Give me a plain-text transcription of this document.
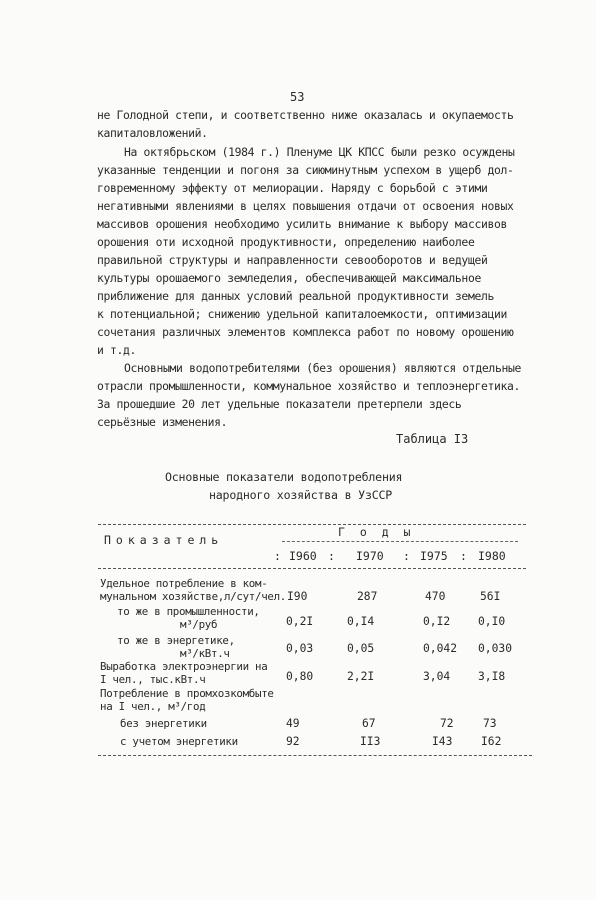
53
не Голодной степи, и соответственно ниже оказалась и окупаемость
капиталовложений.
На октябрьском (1984 г.) Пленуме ЦК КПСС были резко осуждены
указанные тенденции и погоня за сиюминутным успехом в ущерб дол-
говременному эффекту от мелиорации. Наряду с борьбой с этими
негативными явлениями в целях повышения отдачи от освоения новых
массивов орошения необходимо усилить внимание к выбору массивов
орошения оти исходной продуктивности, определению наиболее
правильной структуры и направленности севооборотов и ведущей
культуры орошаемого земледелия, обеспечивающей максимальное
приближение для данных условий реальной продуктивности земель
к потенциальной; снижению удельной капиталоемкости, оптимизации
сочетания различных элементов комплекса работ по новому орошению
и т.д.
Основными водопотребителями (без орошения) являются отдельные
отрасли промышленности, коммунальное хозяйство и теплоэнергетика.
За прошедшие 20 лет удельные показатели претерпели здесь
серьёзные изменения.
Таблица I3
Основные показатели водопотребления
народного хозяйства в УзССР
Показатель
Г о д ы
: I960 : I970 : I975 : I980
Удельное потребление в ком-
мунальном хозяйстве,л/сут/чел. I90	287	470	56I
то же в промышленности,
м³/руб	0,2I	0,I4	0,I2 0,I0
то же в энергетике,
м³/кВт.ч	0,03	0,05	0,042 0,030
Выработка электроэнергии на
I чел., тыс.кВт.ч	0,80	2,2I	3,04 3,I8
Потребление в промхозкомбыте
на I чел., м³/год
без энергетики	49	67	72	73
с учетом энергетики	92	II3	I43	I62
